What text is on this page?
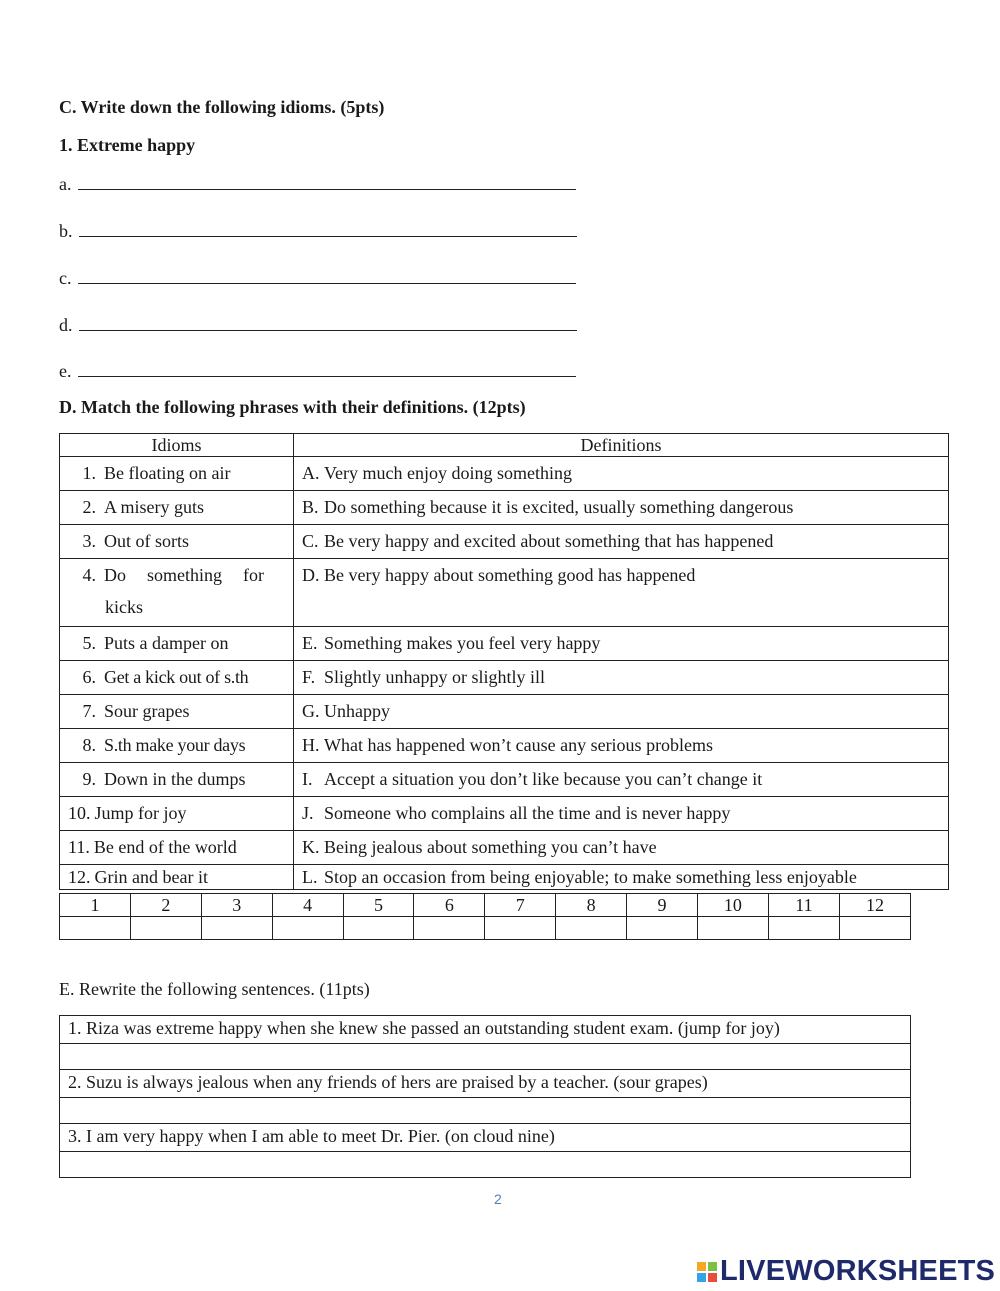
C. Write down the following idioms. (5pts)
1. Extreme happy
a.
b.
c.
d.
e.
D. Match the following phrases with their definitions. (12pts)
Idioms	Definitions

1. Be floating on air	A. Very much enjoy doing something

2. A misery guts	B. Do something because it is excited, usually something dangerous

3. Out of sorts	C. Be very happy and excited about something that has happened

4. Do something for
kicks	D. Be very happy about something good has happened

5. Puts a damper on	E. Something makes you feel very happy

6. Get a kick out of s.th	F. Slightly unhappy or slightly ill

7. Sour grapes	G. Unhappy

8. S.th make your days	H. What has happened won’t cause any serious problems

9. Down in the dumps	I. Accept a situation you don’t like because you can’t change it

10. Jump for joy	J. Someone who complains all the time and is never happy

11. Be end of the world	K. Being jealous about something you can’t have

12. Grin and bear it	L. Stop an occasion from being enjoyable; to make something less enjoyable
1	2	3	4	5	6	7	8	9	10	11	12

E. Rewrite the following sentences. (11pts)
1. Riza was extreme happy when she knew she passed an outstanding student exam. (jump for joy)

2. Suzu is always jealous when any friends of hers are praised by a teacher. (sour grapes)

3. I am very happy when I am able to meet Dr. Pier. (on cloud nine)

2
LIVEWORKSHEETS
